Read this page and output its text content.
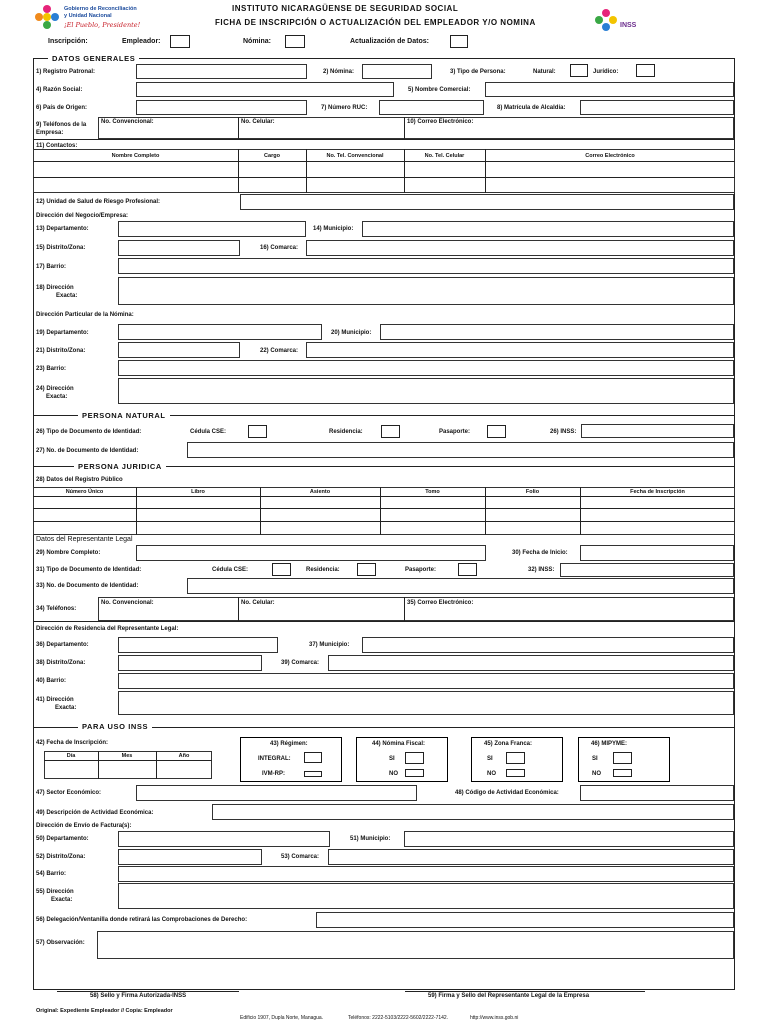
Gobierno de Reconciliación
y Unidad Nacional
¡El Pueblo, Presidente!
INSTITUTO NICARAGÜENSE DE SEGURIDAD SOCIAL
FICHA DE INSCRIPCIÓN O ACTUALIZACIÓN DEL EMPLEADOR Y/O NOMINA	INSS
Inscripción:	Empleador:	Nómina:	Actualización de Datos:
DATOS GENERALES
1) Registro Patronal:	2) Nómina:	3) Tipo de Persona:	Natural:	Jurídico:
4) Razón Social:	5) Nombre Comercial:
6) País de Origen:	7) Número RUC:	8) Matrícula de Alcaldía:
9) Teléfonos de la Empresa:
No. Convencional:	No. Celular:	10) Correo Electrónico:
11) Contactos:
Nombre Completo	Cargo	No. Tel. Convencional	No. Tel. Celular	Correo Electrónico
12) Unidad de Salud de Riesgo Profesional:
Dirección del Negocio/Empresa:
13) Departamento:	14) Municipio:
15) Distrito/Zona:	16) Comarca:
17) Barrio:
18) Dirección
Exacta:
Dirección Particular de la Nómina:
19) Departamento:	20) Municipio:
21) Distrito/Zona:	22) Comarca:
23) Barrio:
24) Dirección
Exacta:
PERSONA NATURAL
26) Tipo de Documento de Identidad:	Cédula CSE:	Residencia:	Pasaporte:	26) INSS:
27) No. de Documento de Identidad:
PERSONA JURIDICA
28) Datos del Registro Público
Número Único	Libro	Asiento	Tomo	Folio	Fecha de Inscripción
Datos del Representante Legal
29) Nombre Completo:	30) Fecha de Inicio:
31) Tipo de Documento de Identidad:	Cédula CSE:	Residencia:	Pasaporte:	32) INSS:
33) No. de Documento de Identidad:
34) Teléfonos:
No. Convencional:	No. Celular:	35) Correo Electrónico:
Dirección de Residencia del Representante Legal:
36) Departamento:	37) Municipio:
38) Distrito/Zona:	39) Comarca:
40) Barrio:
41) Dirección
Exacta:
PARA USO INSS
42) Fecha de Inscripción:
Día	Mes	Año
43) Régimen:
INTEGRAL:
IVM-RP:
44) Nómina Fiscal:
SI
NO
45) Zona Franca:
SI
NO
46) MIPYME:
SI
NO
47) Sector Económico:	48) Código de Actividad Económica:
49) Descripción de Actividad Económica:
Dirección de Envío de Factura(s):
50) Departamento:	51) Municipio:
52) Distrito/Zona:	53) Comarca:
54) Barrio:
55) Dirección
Exacta:
56) Delegación/Ventanilla donde retirará las Comprobaciones de Derecho:
57) Observación:
58) Sello y Firma Autorizada-INSS	59) Firma y Sello del Representante Legal de la Empresa
Original: Expediente Empleador // Copia: Empleador
Edificio 1907, Dupla Norte, Managua.	Teléfonos: 2222-5103/2222-5602/2222-7142.	http://www.inss.gob.ni
